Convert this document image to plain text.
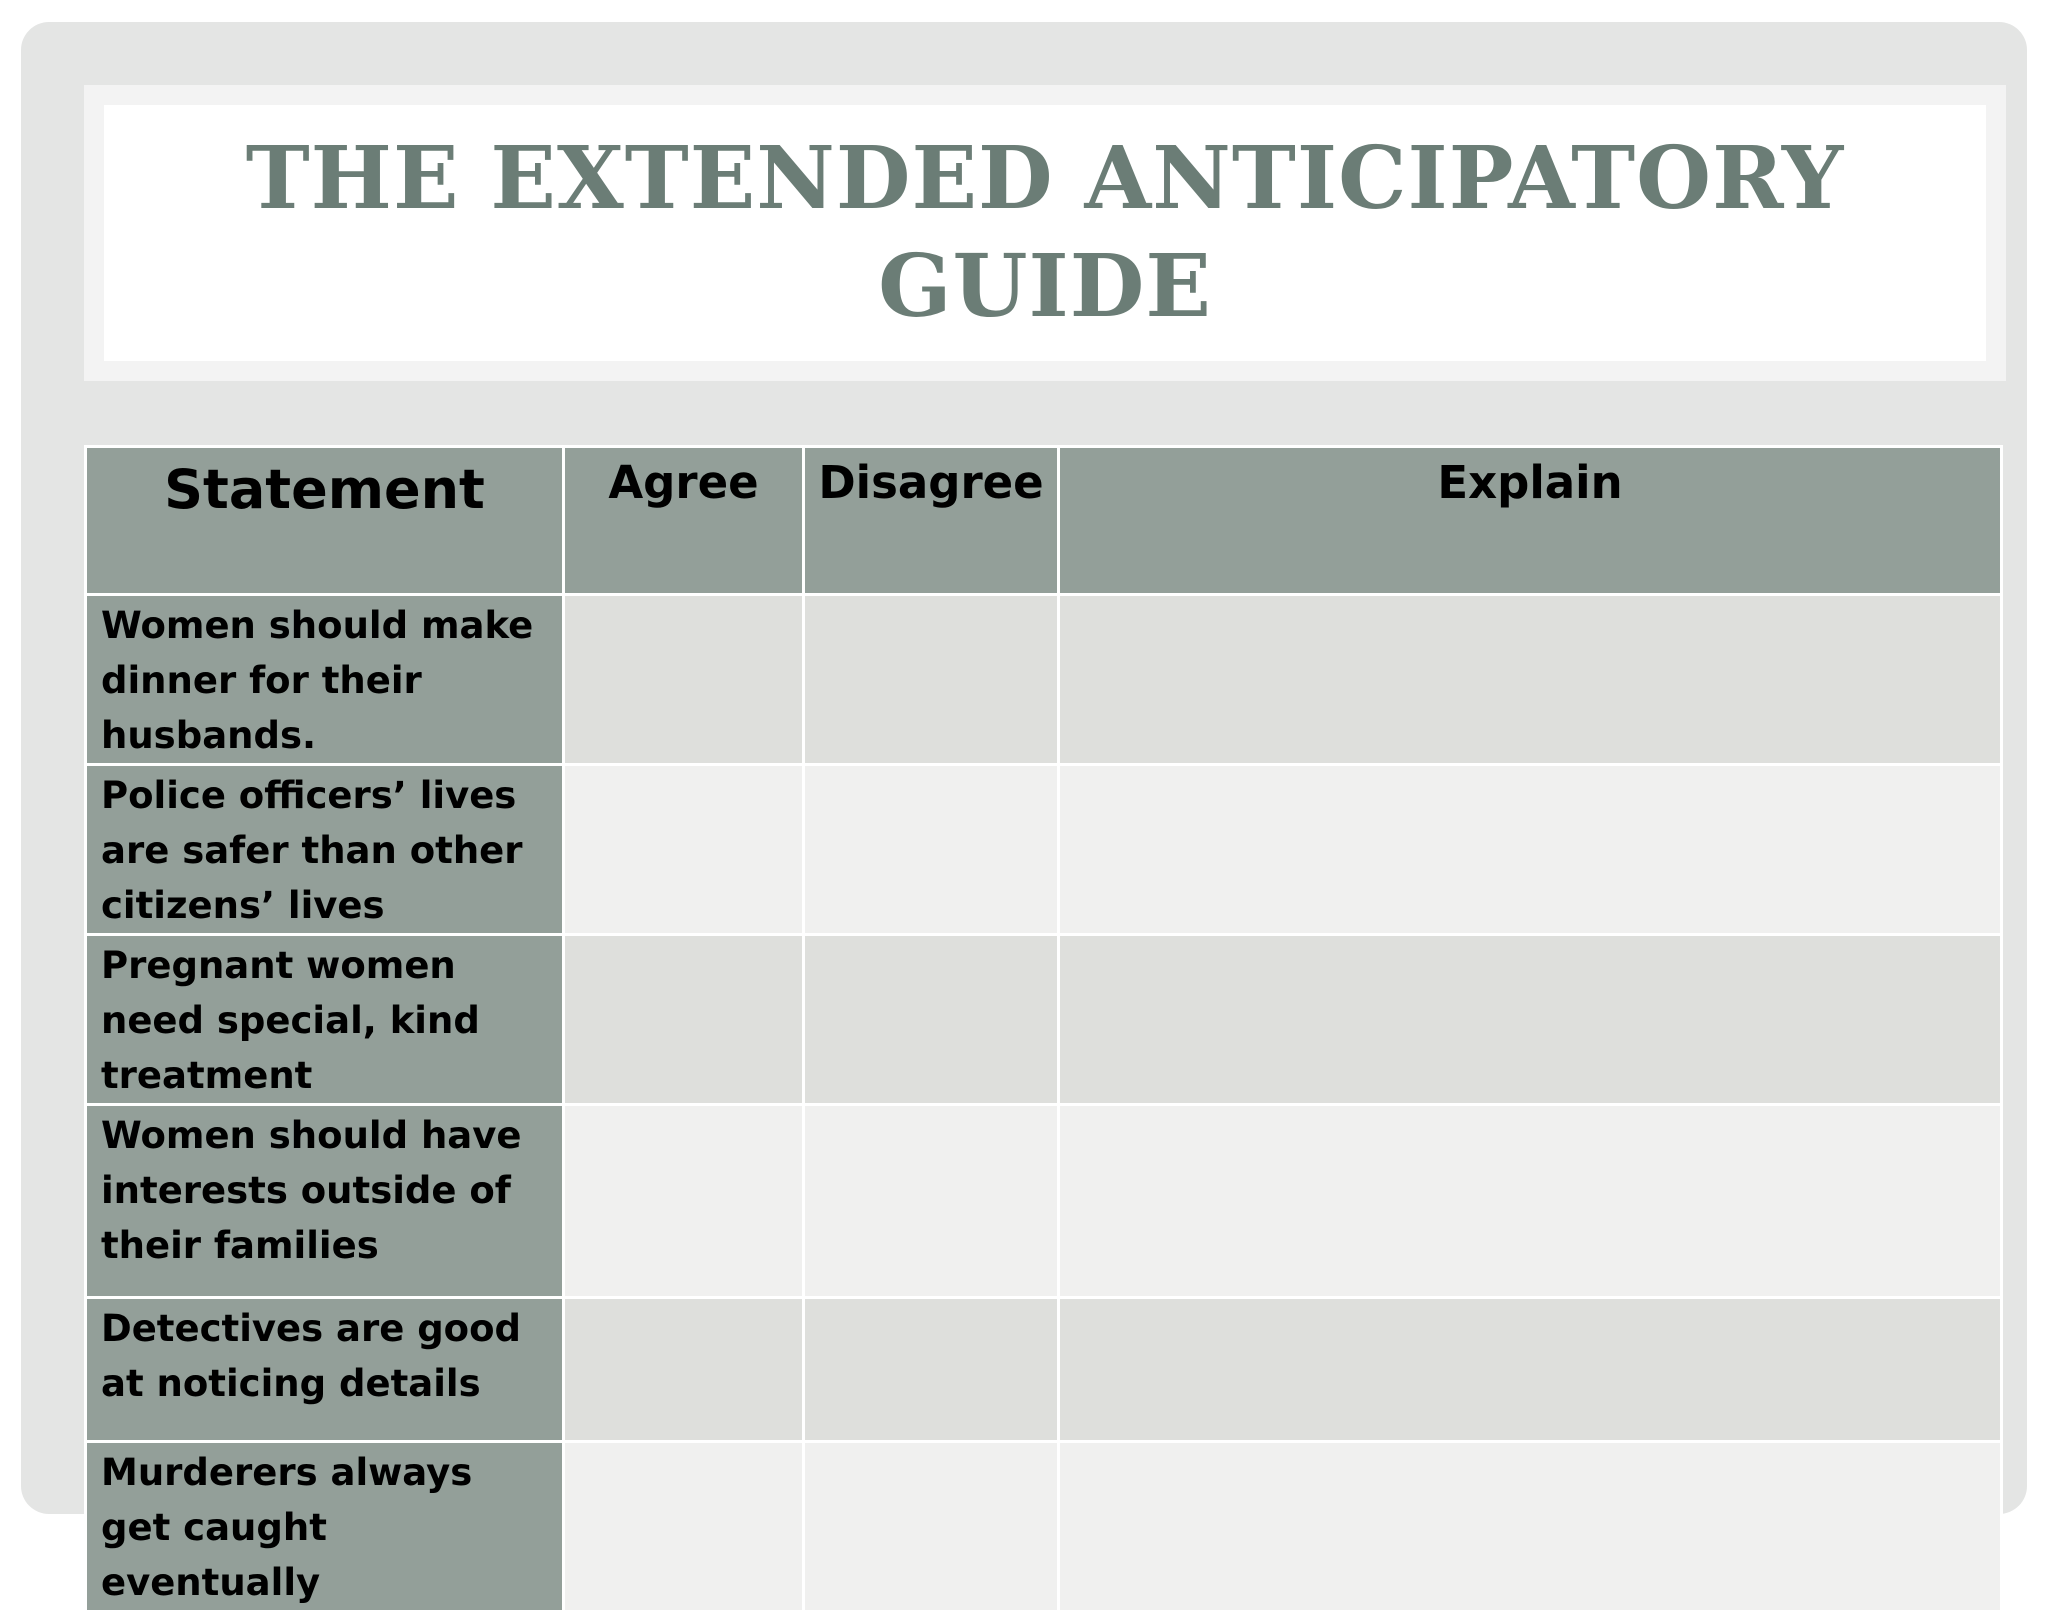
THE EXTENDED ANTICIPATORY GUIDE
Statement	Agree	Disagree	Explain
Women should make dinner for their husbands.			
Police officers’ lives are safer than other citizens’ lives			
Pregnant women need special, kind treatment			
Women should have interests outside of their families			
Detectives are good at noticing details			
Murderers always get caught eventually			
